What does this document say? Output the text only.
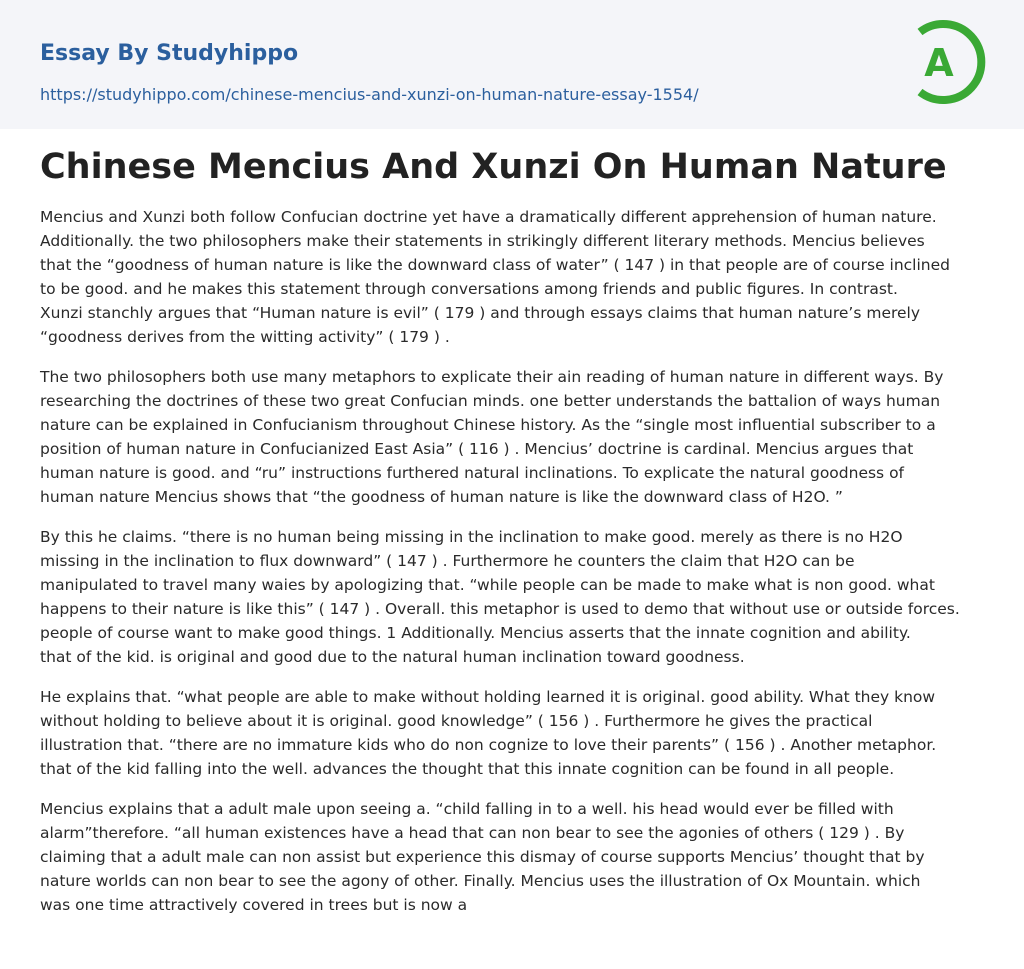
Essay By Studyhippo
https://studyhippo.com/chinese-mencius-and-xunzi-on-human-nature-essay-1554/
A
Chinese Mencius And Xunzi On Human Nature

Mencius and Xunzi both follow Confucian doctrine yet have a dramatically different apprehension of human nature.
Additionally. the two philosophers make their statements in strikingly different literary methods. Mencius believes
that the “goodness of human nature is like the downward class of water” ( 147 ) in that people are of course inclined
to be good. and he makes this statement through conversations among friends and public figures. In contrast.
Xunzi stanchly argues that “Human nature is evil” ( 179 ) and through essays claims that human nature’s merely
“goodness derives from the witting activity” ( 179 ) .

The two philosophers both use many metaphors to explicate their ain reading of human nature in different ways. By
researching the doctrines of these two great Confucian minds. one better understands the battalion of ways human
nature can be explained in Confucianism throughout Chinese history. As the “single most influential subscriber to a
position of human nature in Confucianized East Asia” ( 116 ) . Mencius’ doctrine is cardinal. Mencius argues that
human nature is good. and “ru” instructions furthered natural inclinations. To explicate the natural goodness of
human nature Mencius shows that “the goodness of human nature is like the downward class of H2O. ”

By this he claims. “there is no human being missing in the inclination to make good. merely as there is no H2O
missing in the inclination to flux downward” ( 147 ) . Furthermore he counters the claim that H2O can be
manipulated to travel many waies by apologizing that. “while people can be made to make what is non good. what
happens to their nature is like this” ( 147 ) . Overall. this metaphor is used to demo that without use or outside forces.
people of course want to make good things. 1 Additionally. Mencius asserts that the innate cognition and ability.
that of the kid. is original and good due to the natural human inclination toward goodness.

He explains that. “what people are able to make without holding learned it is original. good ability. What they know
without holding to believe about it is original. good knowledge” ( 156 ) . Furthermore he gives the practical
illustration that. “there are no immature kids who do non cognize to love their parents” ( 156 ) . Another metaphor.
that of the kid falling into the well. advances the thought that this innate cognition can be found in all people.

Mencius explains that a adult male upon seeing a. “child falling in to a well. his head would ever be filled with
alarm”therefore. “all human existences have a head that can non bear to see the agonies of others ( 129 ) . By
claiming that a adult male can non assist but experience this dismay of course supports Mencius’ thought that by
nature worlds can non bear to see the agony of other. Finally. Mencius uses the illustration of Ox Mountain. which
was one time attractively covered in trees but is now a
